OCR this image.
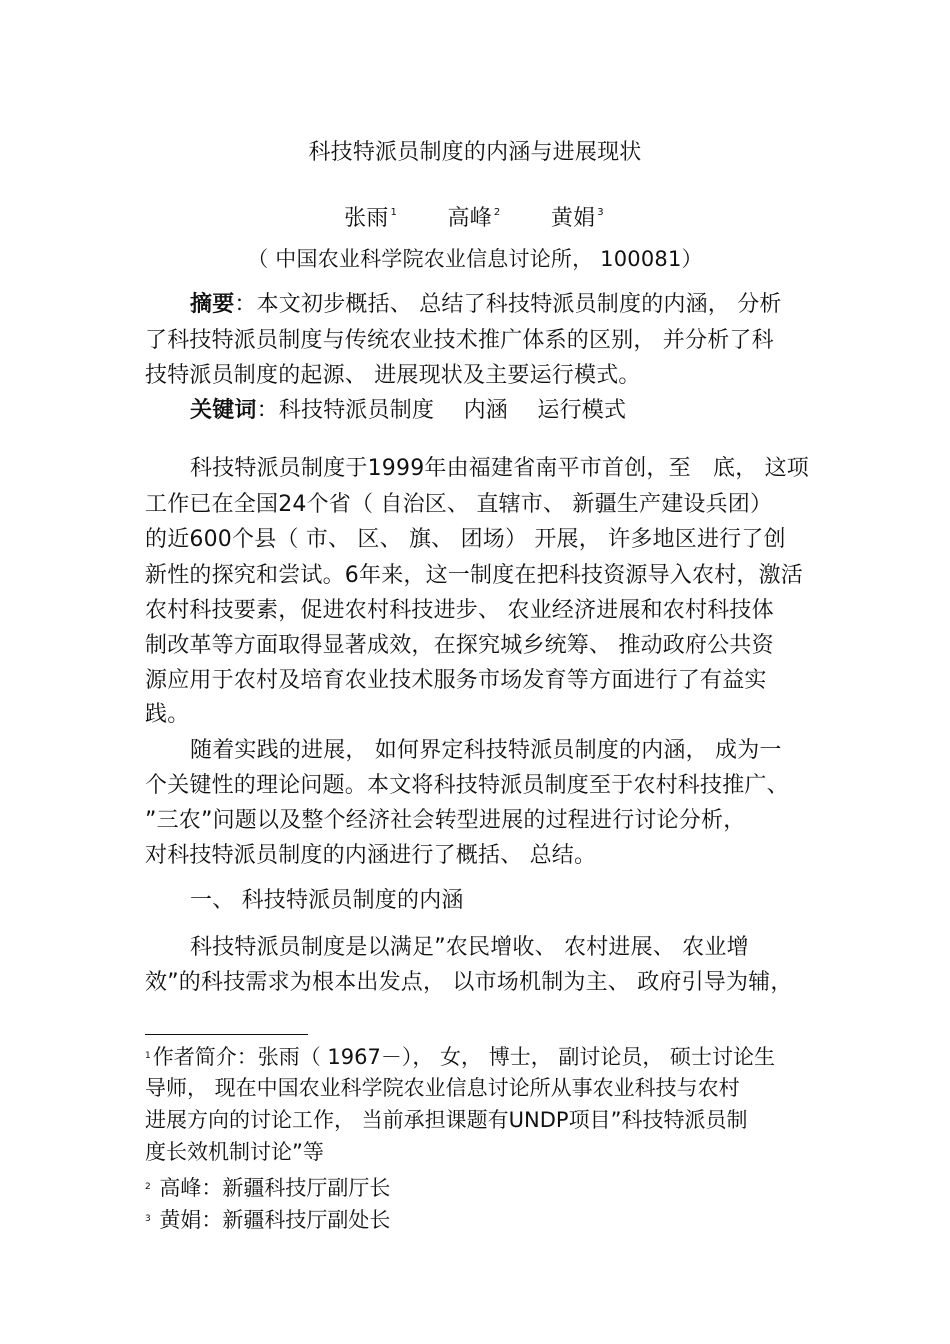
科技特派员制度的内涵与进展现状
张雨 $^1$ 高峰 $^2$ 黄娟 $^3$
（ 中国农业科学院农业信息讨论所， 100081）
摘要：本文初步概括、 总结了科技特派员制度的内涵， 分析
了科技特派员制度与传统农业技术推广体系的区别， 并分析了科
技特派员制度的起源、 进展现状及主要运行模式。
关键词：科技特派员制度　 内涵　 运行模式
科技特派员制度于1999年由福建省南平市首创，至　底， 这项
工作已在全国24个省（ 自治区、 直辖市、 新疆生产建设兵团）
的近600个县（ 市、 区、 旗、 团场） 开展， 许多地区进行了创
新性的探究和尝试。6年来，这一制度在把科技资源导入农村，激活
农村科技要素，促进农村科技进步、 农业经济进展和农村科技体
制改革等方面取得显著成效，在探究城乡统筹、 推动政府公共资
源应用于农村及培育农业技术服务市场发育等方面进行了有益实
践。
随着实践的进展， 如何界定科技特派员制度的内涵， 成为一
个关键性的理论问题。本文将科技特派员制度至于农村科技推广、
”三农”问题以及整个经济社会转型进展的过程进行讨论分析，
对科技特派员制度的内涵进行了概括、 总结。
一、 科技特派员制度的内涵
科技特派员制度是以满足”农民增收、 农村进展、 农业增
效”的科技需求为根本出发点， 以市场机制为主、 政府引导为辅，
$^1$作者简介：张雨（ 1967－）， 女， 博士， 副讨论员， 硕士讨论生
导师， 现在中国农业科学院农业信息讨论所从事农业科技与农村
进展方向的讨论工作， 当前承担课题有UNDP项目”科技特派员制
度长效机制讨论”等
$^2$ 高峰：新疆科技厅副厅长
$^3$ 黄娟：新疆科技厅副处长
